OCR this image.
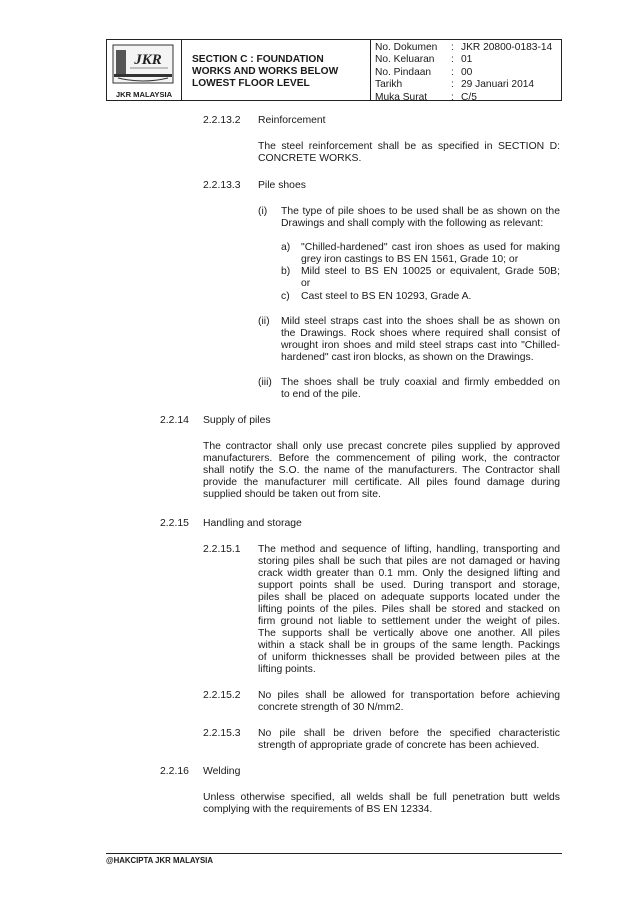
JKR
JKR MALAYSIA
SECTION C : FOUNDATION
WORKS AND WORKS BELOW
LOWEST FLOOR LEVEL
No. Dokumen	: JKR 20800-0183-14
No. Keluaran	: 01
No. Pindaan	: 00
Tarikh	: 29 Januari 2014
Muka Surat	: C/5
2.2.13.2 Reinforcement
The steel reinforcement shall be as specified in SECTION D:
CONCRETE WORKS.
2.2.13.3 Pile shoes
(i) The type of pile shoes to be used shall be as shown on the
Drawings and shall comply with the following as relevant:
a) "Chilled-hardened" cast iron shoes as used for making
grey iron castings to BS EN 1561, Grade 10; or
b) Mild steel to BS EN 10025 or equivalent, Grade 50B;
or
c) Cast steel to BS EN 10293, Grade A.
(ii) Mild steel straps cast into the shoes shall be as shown on
the Drawings. Rock shoes where required shall consist of
wrought iron shoes and mild steel straps cast into "Chilled-
hardened" cast iron blocks, as shown on the Drawings.
(iii) The shoes shall be truly coaxial and firmly embedded on
to end of the pile.
2.2.14 Supply of piles
The contractor shall only use precast concrete piles supplied by approved
manufacturers. Before the commencement of piling work, the contractor
shall notify the S.O. the name of the manufacturers. The Contractor shall
provide the manufacturer mill certificate. All piles found damage during
supplied should be taken out from site.
2.2.15 Handling and storage
2.2.15.1 The method and sequence of lifting, handling, transporting and
storing piles shall be such that piles are not damaged or having
crack width greater than 0.1 mm. Only the designed lifting and
support points shall be used. During transport and storage,
piles shall be placed on adequate supports located under the
lifting points of the piles. Piles shall be stored and stacked on
firm ground not liable to settlement under the weight of piles.
The supports shall be vertically above one another. All piles
within a stack shall be in groups of the same length. Packings
of uniform thicknesses shall be provided between piles at the
lifting points.
2.2.15.2 No piles shall be allowed for transportation before achieving
concrete strength of 30 N/mm2.
2.2.15.3 No pile shall be driven before the specified characteristic
strength of appropriate grade of concrete has been achieved.
2.2.16 Welding
Unless otherwise specified, all welds shall be full penetration butt welds
complying with the requirements of BS EN 12334.
@HAKCIPTA JKR MALAYSIA
